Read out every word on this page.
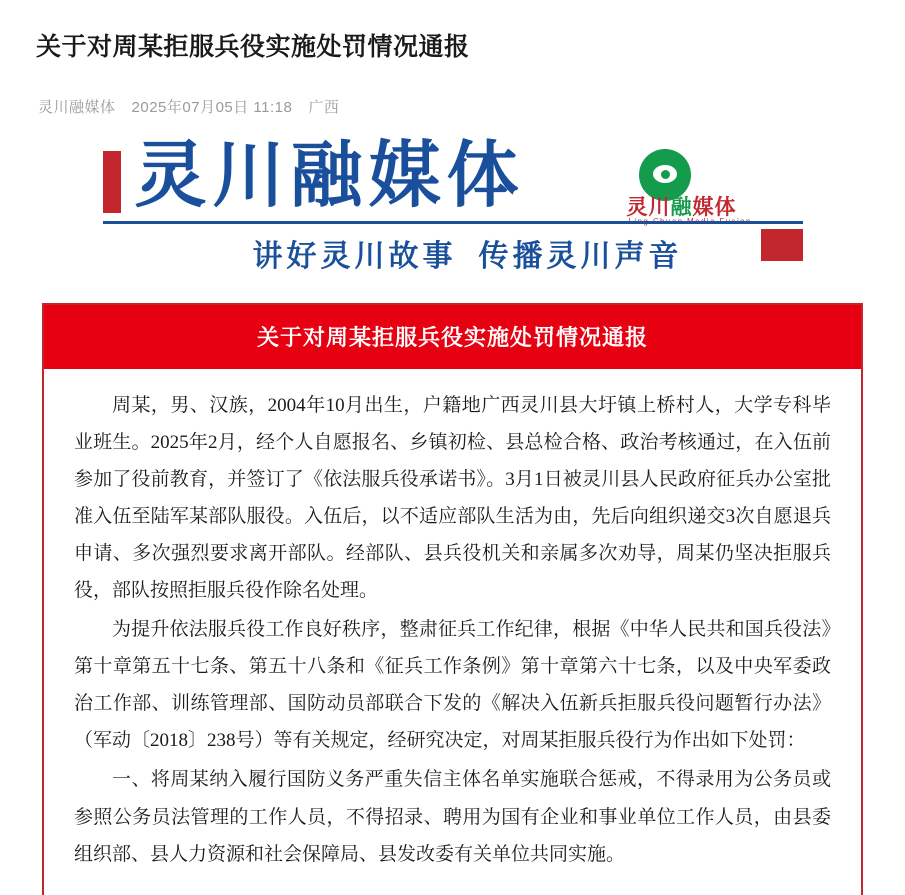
关于对周某拒服兵役实施处罚情况通报
灵川融媒体 2025年07月05日 11:18 广西
灵川融媒体	灵川融媒体
讲好灵川故事 传播灵川声音
关于对周某拒服兵役实施处罚情况通报

周某，男、汉族，2004年10月出生，户籍地广西灵川县大圩镇上桥村人，大学专科毕业班生。2025年2月，经个人自愿报名、乡镇初检、县总检合格、政治考核通过，在入伍前参加了役前教育，并签订了《依法服兵役承诺书》。3月1日被灵川县人民政府征兵办公室批准入伍至陆军某部队服役。入伍后，以不适应部队生活为由，先后向组织递交3次自愿退兵申请、多次强烈要求离开部队。经部队、县兵役机关和亲属多次劝导，周某仍坚决拒服兵役，部队按照拒服兵役作除名处理。

为提升依法服兵役工作良好秩序，整肃征兵工作纪律，根据《中华人民共和国兵役法》第十章第五十七条、第五十八条和《征兵工作条例》第十章第六十七条，以及中央军委政治工作部、训练管理部、国防动员部联合下发的《解决入伍新兵拒服兵役问题暂行办法》（军动〔2018〕238号）等有关规定，经研究决定，对周某拒服兵役行为作出如下处罚：

一、将周某纳入履行国防义务严重失信主体名单实施联合惩戒，不得录用为公务员或参照公务员法管理的工作人员，不得招录、聘用为国有企业和事业单位工作人员，由县委组织部、县人力资源和社会保障局、县发改委有关单位共同实施。
